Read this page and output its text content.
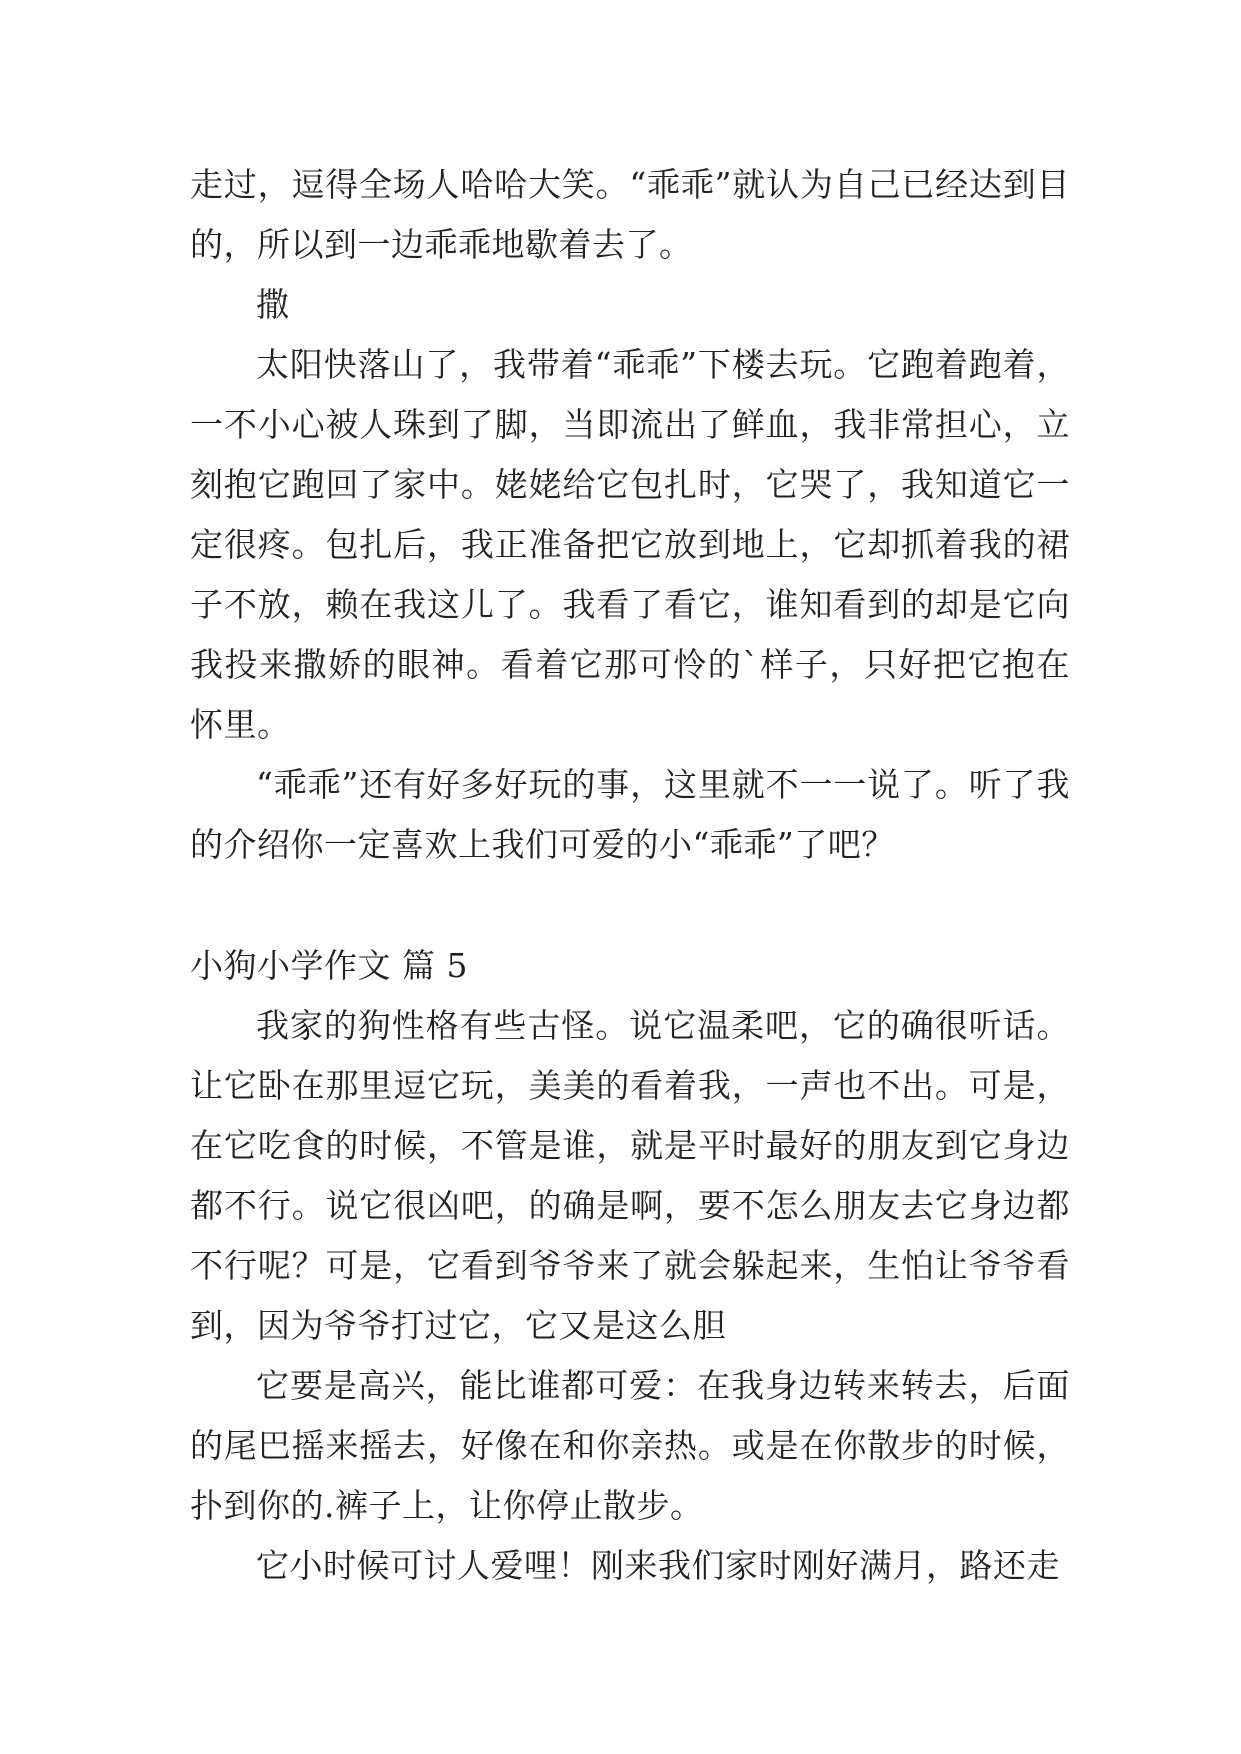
走过，逗得全场人哈哈大笑。“乖乖”就认为自己已经达到目的，所以到一边乖乖地歇着去了。

撒

太阳快落山了，我带着“乖乖”下楼去玩。它跑着跑着，一不小心被人珠到了脚，当即流出了鲜血，我非常担心，立刻抱它跑回了家中。姥姥给它包扎时，它哭了，我知道它一定很疼。包扎后，我正准备把它放到地上，它却抓着我的裙子不放，赖在我这儿了。我看了看它，谁知看到的却是它向我投来撒娇的眼神。看着它那可怜的`样子，只好把它抱在怀里。

“乖乖”还有好多好玩的事，这里就不一一说了。听了我的介绍你一定喜欢上我们可爱的小“乖乖”了吧？

小狗小学作文 篇 5

我家的狗性格有些古怪。说它温柔吧，它的确很听话。让它卧在那里逗它玩，美美的看着我，一声也不出。可是，在它吃食的时候，不管是谁，就是平时最好的朋友到它身边都不行。说它很凶吧，的确是啊，要不怎么朋友去它身边都不行呢？可是，它看到爷爷来了就会躲起来，生怕让爷爷看到，因为爷爷打过它，它又是这么胆

它要是高兴，能比谁都可爱：在我身边转来转去，后面的尾巴摇来摇去，好像在和你亲热。或是在你散步的时候，扑到你的.裤子上，让你停止散步。

它小时候可讨人爱哩！刚来我们家时刚好满月，路还走
